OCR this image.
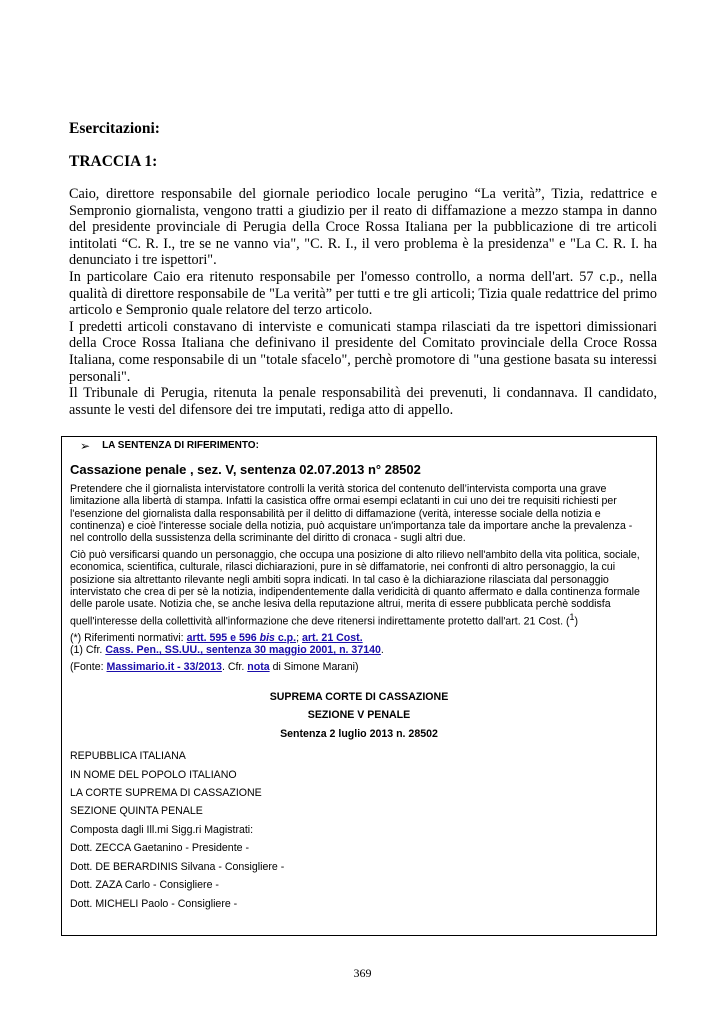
Esercitazioni:
TRACCIA 1:

Caio, direttore responsabile del giornale periodico locale perugino “La verità”, Tizia, redattrice e Sempronio giornalista, vengono tratti a giudizio per il reato di diffamazione a mezzo stampa in danno del presidente provinciale di Perugia della Croce Rossa Italiana per la pubblicazione di tre articoli intitolati “C. R. I., tre se ne vanno via", "C. R. I., il vero problema è la presidenza" e "La C. R. I. ha denunciato i tre ispettori".

In particolare Caio era ritenuto responsabile per l'omesso controllo, a norma dell'art. 57 c.p., nella qualità di direttore responsabile de "La verità” per tutti e tre gli articoli; Tizia quale redattrice del primo articolo e Sempronio quale relatore del terzo articolo.

I predetti articoli constavano di interviste e comunicati stampa rilasciati da tre ispettori dimissionari della Croce Rossa Italiana che definivano il presidente del Comitato provinciale della Croce Rossa Italiana, come responsabile di un "totale sfacelo", perchè promotore di "una gestione basata su interessi personali".

Il Tribunale di Perugia, ritenuta la penale responsabilità dei prevenuti, li condannava. Il candidato, assunte le vesti del difensore dei tre imputati, rediga atto di appello.

➢ LA SENTENZA DI RIFERIMENTO:
Cassazione penale , sez. V, sentenza 02.07.2013 n° 28502

Pretendere che il giornalista intervistatore controlli la verità storica del contenuto dell’intervista comporta una grave limitazione alla libertà di stampa. Infatti la casistica offre ormai esempi eclatanti in cui uno dei tre requisiti richiesti per l'esenzione del giornalista dalla responsabilità per il delitto di diffamazione (verità, interesse sociale della notizia e continenza) e cioè l'interesse sociale della notizia, può acquistare un'importanza tale da importare anche la prevalenza - nel controllo della sussistenza della scriminante del diritto di cronaca - sugli altri due.

Ciò può versificarsi quando un personaggio, che occupa una posizione di alto rilievo nell'ambito della vita politica, sociale, economica, scientifica, culturale, rilasci dichiarazioni, pure in sè diffamatorie, nei confronti di altro personaggio, la cui posizione sia altrettanto rilevante negli ambiti sopra indicati. In tal caso è la dichiarazione rilasciata dal personaggio intervistato che crea di per sè la notizia, indipendentemente dalla veridicità di quanto affermato e dalla continenza formale delle parole usate. Notizia che, se anche lesiva della reputazione altrui, merita di essere pubblicata perchè soddisfa quell'interesse della collettività all'informazione che deve ritenersi indirettamente protetto dall'art. 21 Cost. ($^1$)

(*) Riferimenti normativi: artt. 595 e 596 bis c.p.; art. 21 Cost.

(1) Cfr. Cass. Pen., SS.UU., sentenza 30 maggio 2001, n. 37140.

(Fonte: Massimario.it - 33/2013. Cfr. nota di Simone Marani)

SUPREMA CORTE DI CASSAZIONE

SEZIONE V PENALE

Sentenza 2 luglio 2013 n. 28502

REPUBBLICA ITALIANA

IN NOME DEL POPOLO ITALIANO

LA CORTE SUPREMA DI CASSAZIONE

SEZIONE QUINTA PENALE

Composta dagli Ill.mi Sigg.ri Magistrati:

Dott. ZECCA Gaetanino - Presidente -

Dott. DE BERARDINIS Silvana - Consigliere -

Dott. ZAZA Carlo - Consigliere -

Dott. MICHELI Paolo - Consigliere -

369
